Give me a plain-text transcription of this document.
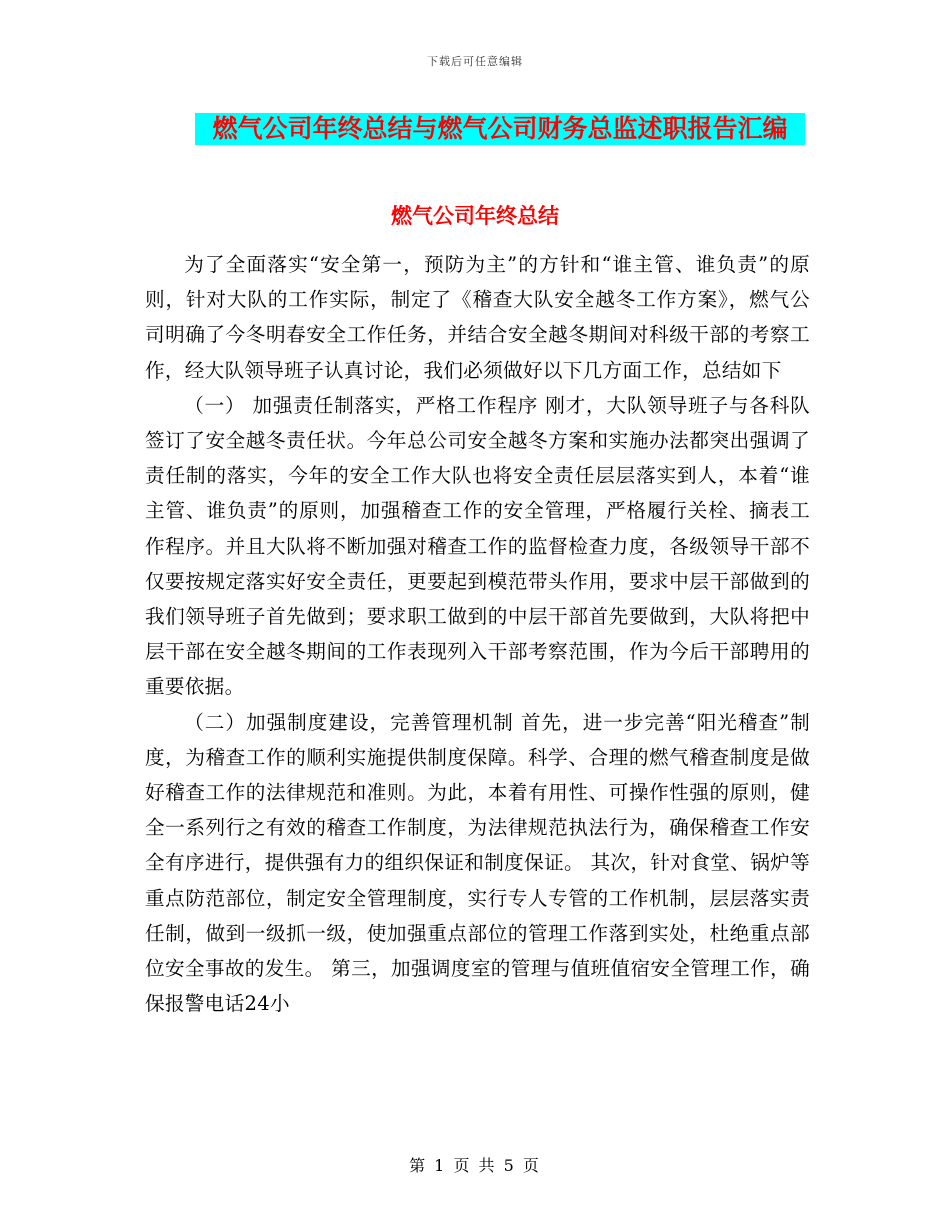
下载后可任意编辑
燃气公司年终总结与燃气公司财务总监述职报告汇编
燃气公司年终总结

为了全面落实“安全第一，预防为主”的方针和“谁主管、谁负责”的原则，针对大队的工作实际，制定了《稽查大队安全越冬工作方案》，燃气公司明确了今冬明春安全工作任务，并结合安全越冬期间对科级干部的考察工作，经大队领导班子认真讨论，我们必须做好以下几方面工作，总结如下

（一） 加强责任制落实，严格工作程序 刚才，大队领导班子与各科队签订了安全越冬责任状。今年总公司安全越冬方案和实施办法都突出强调了责任制的落实，今年的安全工作大队也将安全责任层层落实到人，本着“谁主管、谁负责”的原则，加强稽查工作的安全管理，严格履行关栓、摘表工作程序。并且大队将不断加强对稽查工作的监督检查力度，各级领导干部不仅要按规定落实好安全责任，更要起到模范带头作用，要求中层干部做到的我们领导班子首先做到；要求职工做到的中层干部首先要做到，大队将把中层干部在安全越冬期间的工作表现列入干部考察范围，作为今后干部聘用的重要依据。

（二）加强制度建设，完善管理机制 首先，进一步完善“阳光稽查”制度，为稽查工作的顺利实施提供制度保障。科学、合理的燃气稽查制度是做好稽查工作的法律规范和准则。为此，本着有用性、可操作性强的原则，健全一系列行之有效的稽查工作制度，为法律规范执法行为，确保稽查工作安全有序进行，提供强有力的组织保证和制度保证。 其次，针对食堂、锅炉等重点防范部位，制定安全管理制度，实行专人专管的工作机制，层层落实责任制，做到一级抓一级，使加强重点部位的管理工作落到实处，杜绝重点部位安全事故的发生。 第三，加强调度室的管理与值班值宿安全管理工作，确保报警电话24小

第 1 页 共 5 页
